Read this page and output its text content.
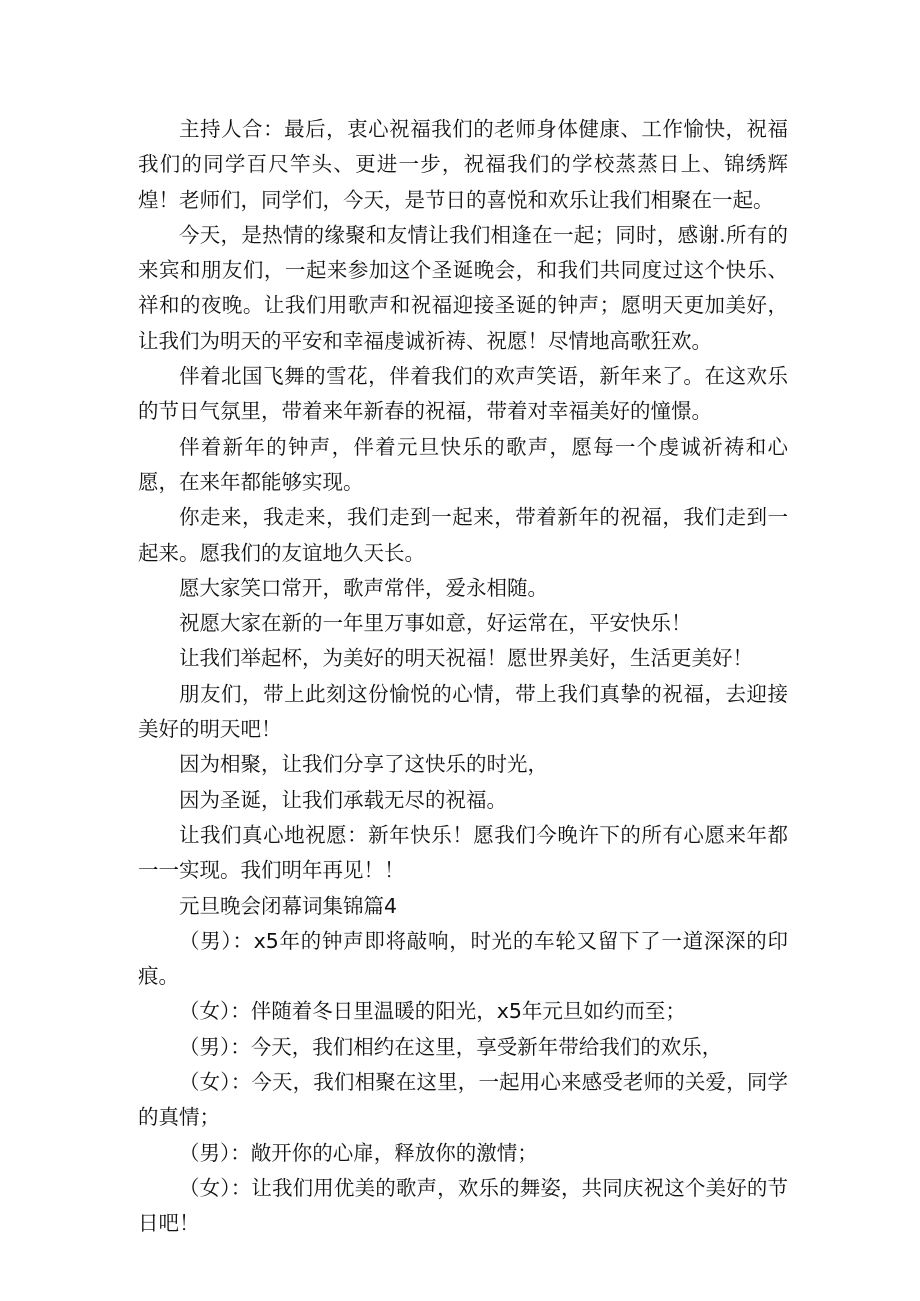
主持人合：最后，衷心祝福我们的老师身体健康、工作愉快，祝福我们的同学百尺竿头、更进一步，祝福我们的学校蒸蒸日上、锦绣辉煌！老师们，同学们，今天，是节日的喜悦和欢乐让我们相聚在一起。

今天，是热情的缘聚和友情让我们相逢在一起；同时，感谢.所有的来宾和朋友们，一起来参加这个圣诞晚会，和我们共同度过这个快乐、祥和的夜晚。让我们用歌声和祝福迎接圣诞的钟声；愿明天更加美好，让我们为明天的平安和幸福虔诚祈祷、祝愿！尽情地高歌狂欢。

伴着北国飞舞的雪花，伴着我们的欢声笑语，新年来了。在这欢乐的节日气氛里，带着来年新春的祝福，带着对幸福美好的憧憬。

伴着新年的钟声，伴着元旦快乐的歌声，愿每一个虔诚祈祷和心愿，在来年都能够实现。

你走来，我走来，我们走到一起来，带着新年的祝福，我们走到一起来。愿我们的友谊地久天长。

愿大家笑口常开，歌声常伴，爱永相随。

祝愿大家在新的一年里万事如意，好运常在，平安快乐！

让我们举起杯，为美好的明天祝福！愿世界美好，生活更美好！

朋友们，带上此刻这份愉悦的心情，带上我们真挚的祝福，去迎接美好的明天吧！

因为相聚，让我们分享了这快乐的时光，

因为圣诞，让我们承载无尽的祝福。

让我们真心地祝愿：新年快乐！愿我们今晚许下的所有心愿来年都一一实现。我们明年再见！！

元旦晚会闭幕词集锦篇4

（男）：x5年的钟声即将敲响，时光的车轮又留下了一道深深的印痕。

（女）：伴随着冬日里温暖的阳光，x5年元旦如约而至；

（男）：今天，我们相约在这里，享受新年带给我们的欢乐，

（女）：今天，我们相聚在这里，一起用心来感受老师的关爱，同学的真情；

（男）：敞开你的心扉，释放你的激情；

（女）：让我们用优美的歌声，欢乐的舞姿，共同庆祝这个美好的节日吧！
